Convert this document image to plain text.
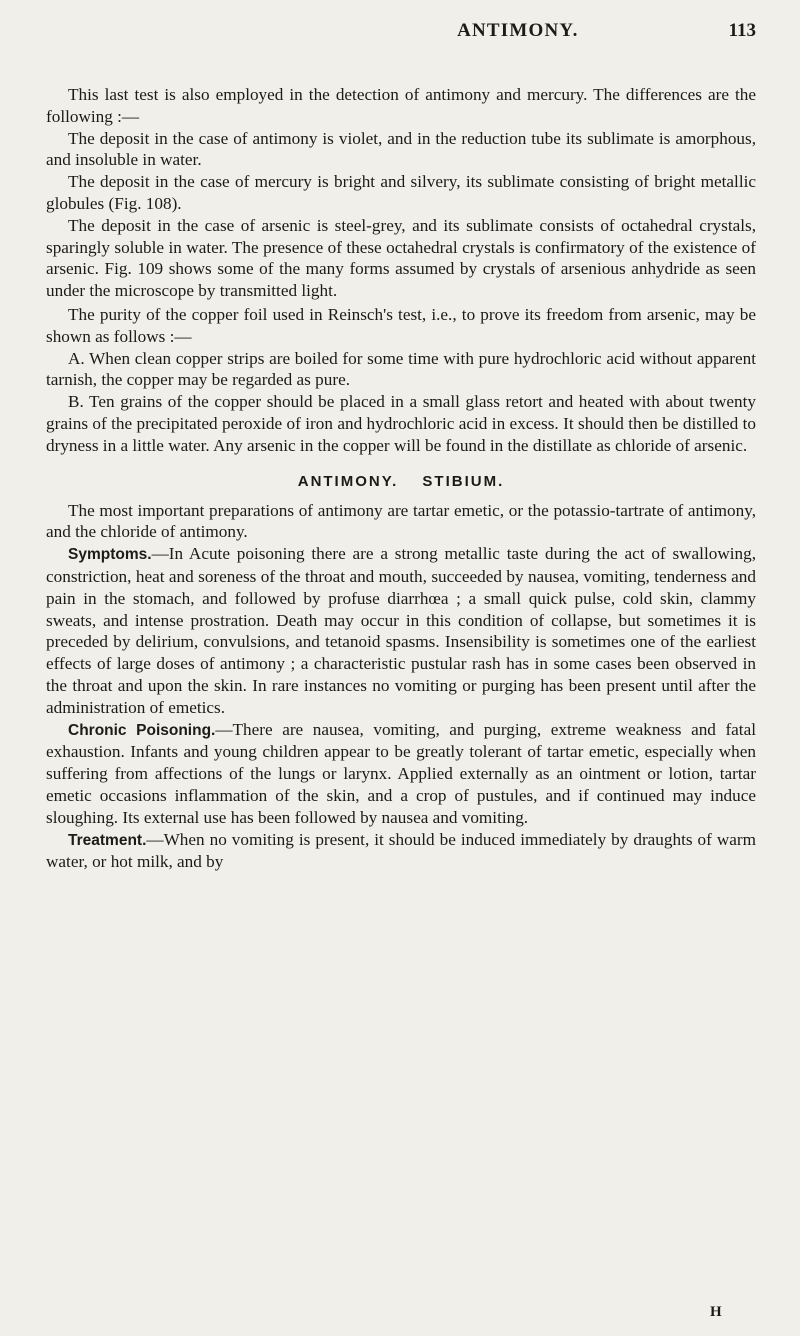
ANTIMONY.	113

This last test is also employed in the detection of antimony and mercury. The differences are the following :—

The deposit in the case of antimony is violet, and in the reduction tube its sublimate is amorphous, and insoluble in water.

The deposit in the case of mercury is bright and silvery, its sublimate consisting of bright metallic globules (Fig. 108).

The deposit in the case of arsenic is steel-grey, and its sublimate consists of octahedral crystals, sparingly soluble in water. The presence of these octahedral crystals is confirmatory of the existence of arsenic. Fig. 109 shows some of the many forms assumed by crystals of arsenious anhydride as seen under the microscope by transmitted light.

The purity of the copper foil used in Reinsch's test, i.e., to prove its freedom from arsenic, may be shown as follows :—

A. When clean copper strips are boiled for some time with pure hydrochloric acid without apparent tarnish, the copper may be regarded as pure.

B. Ten grains of the copper should be placed in a small glass retort and heated with about twenty grains of the precipitated peroxide of iron and hydrochloric acid in excess. It should then be distilled to dryness in a little water. Any arsenic in the copper will be found in the distillate as chloride of arsenic.

ANTIMONY. STIBIUM.

The most important preparations of antimony are tartar emetic, or the potassio-tartrate of antimony, and the chloride of antimony.

Symptoms.—In Acute poisoning there are a strong metallic taste during the act of swallowing, constriction, heat and soreness of the throat and mouth, succeeded by nausea, vomiting, tenderness and pain in the stomach, and followed by profuse diarrhœa ; a small quick pulse, cold skin, clammy sweats, and intense prostration. Death may occur in this condition of collapse, but sometimes it is preceded by delirium, convulsions, and tetanoid spasms. Insensibility is sometimes one of the earliest effects of large doses of antimony ; a characteristic pustular rash has in some cases been observed in the throat and upon the skin. In rare instances no vomiting or purging has been present until after the administration of emetics.

Chronic Poisoning.—There are nausea, vomiting, and purging, extreme weakness and fatal exhaustion. Infants and young children appear to be greatly tolerant of tartar emetic, especially when suffering from affections of the lungs or larynx. Applied externally as an ointment or lotion, tartar emetic occasions inflammation of the skin, and a crop of pustules, and if continued may induce sloughing. Its external use has been followed by nausea and vomiting.

Treatment.—When no vomiting is present, it should be induced immediately by draughts of warm water, or hot milk, and by

H
